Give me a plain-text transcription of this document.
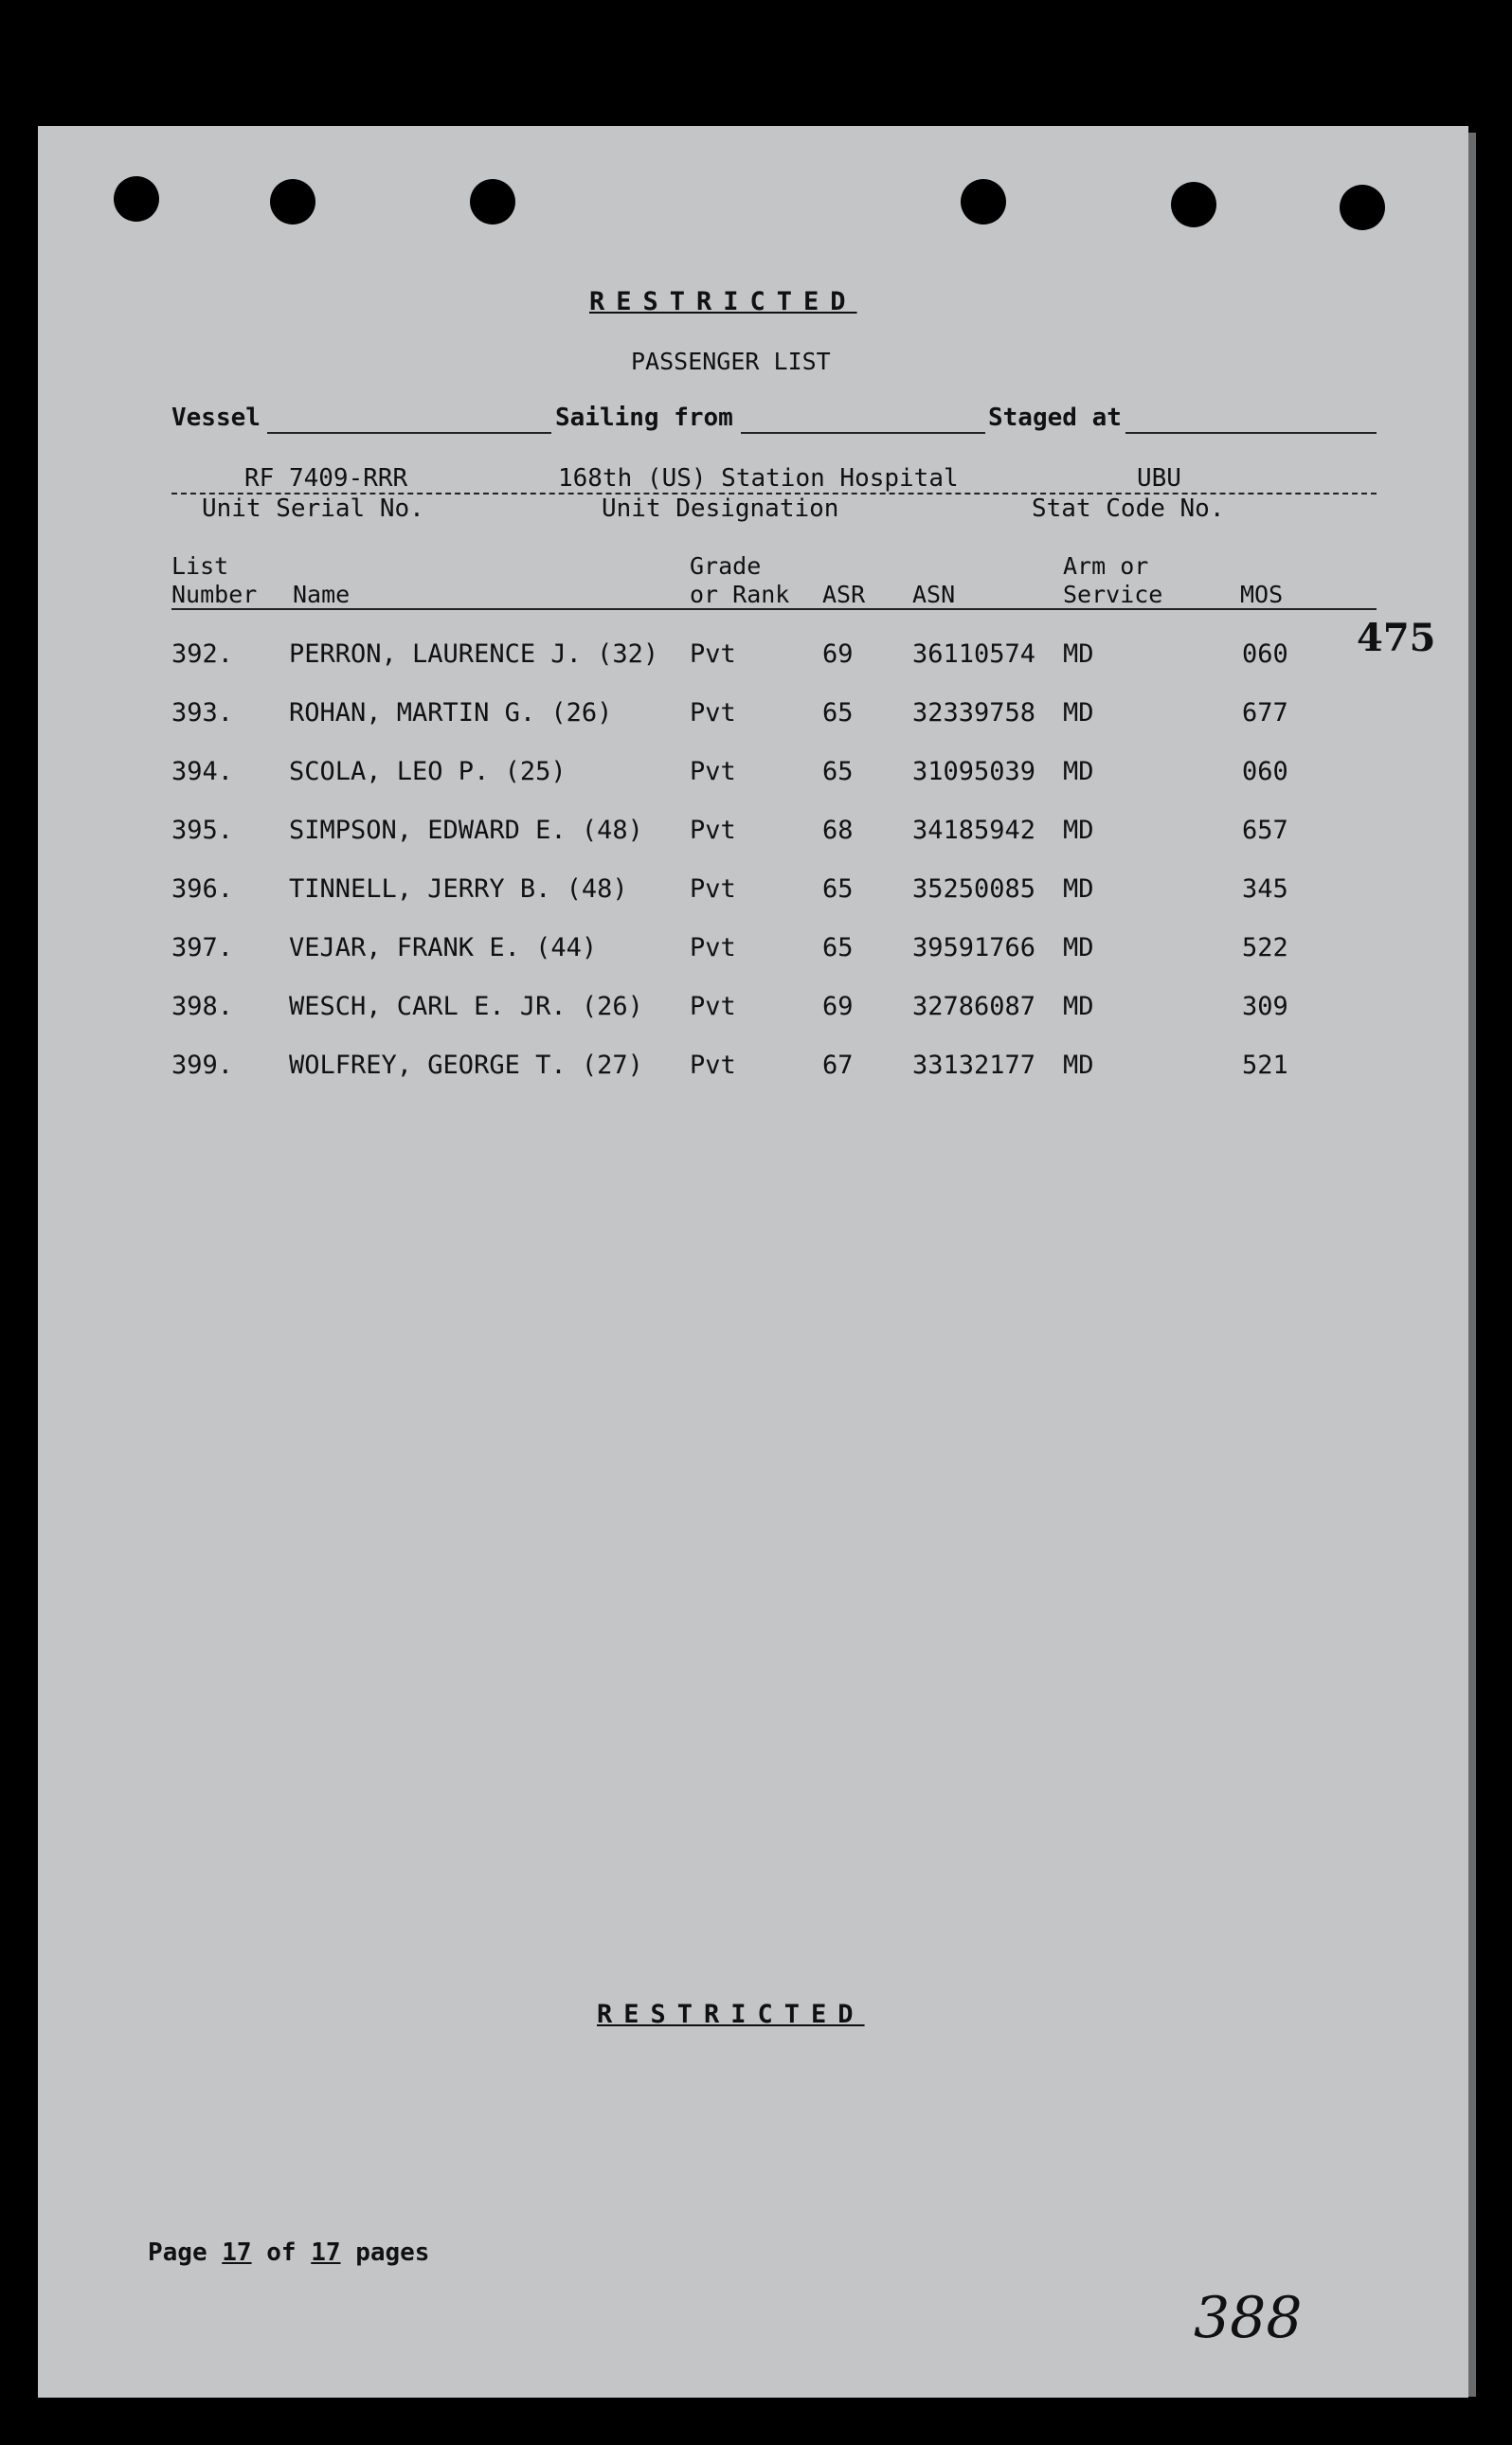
RESTRICTED
PASSENGER LIST
Vessel	Sailing from	Staged at
RF 7409-RRR	168th (US) Station Hospital	UBU
Unit Serial No.	Unit Designation	Stat Code No.
List
Number Name
Grade
or Rank ASR ASN
Arm or
Service	MOS
392. PERRON, LAURENCE J. (32) Pvt	69 36110574 MD	060
393. ROHAN, MARTIN G. (26)	Pvt	65 32339758 MD	677
394. SCOLA, LEO P. (25)	Pvt	65 31095039 MD	060
395. SIMPSON, EDWARD E. (48) Pvt	68 34185942 MD	657
396. TINNELL, JERRY B. (48) Pvt	65 35250085 MD	345
397. VEJAR, FRANK E. (44)	Pvt	65 39591766 MD	522
398. WESCH, CARL E. JR. (26) Pvt	69 32786087 MD	309
399. WOLFREY, GEORGE T. (27) Pvt	67 33132177 MD	521
475
RESTRICTED
Page 17 of 17 pages
388
